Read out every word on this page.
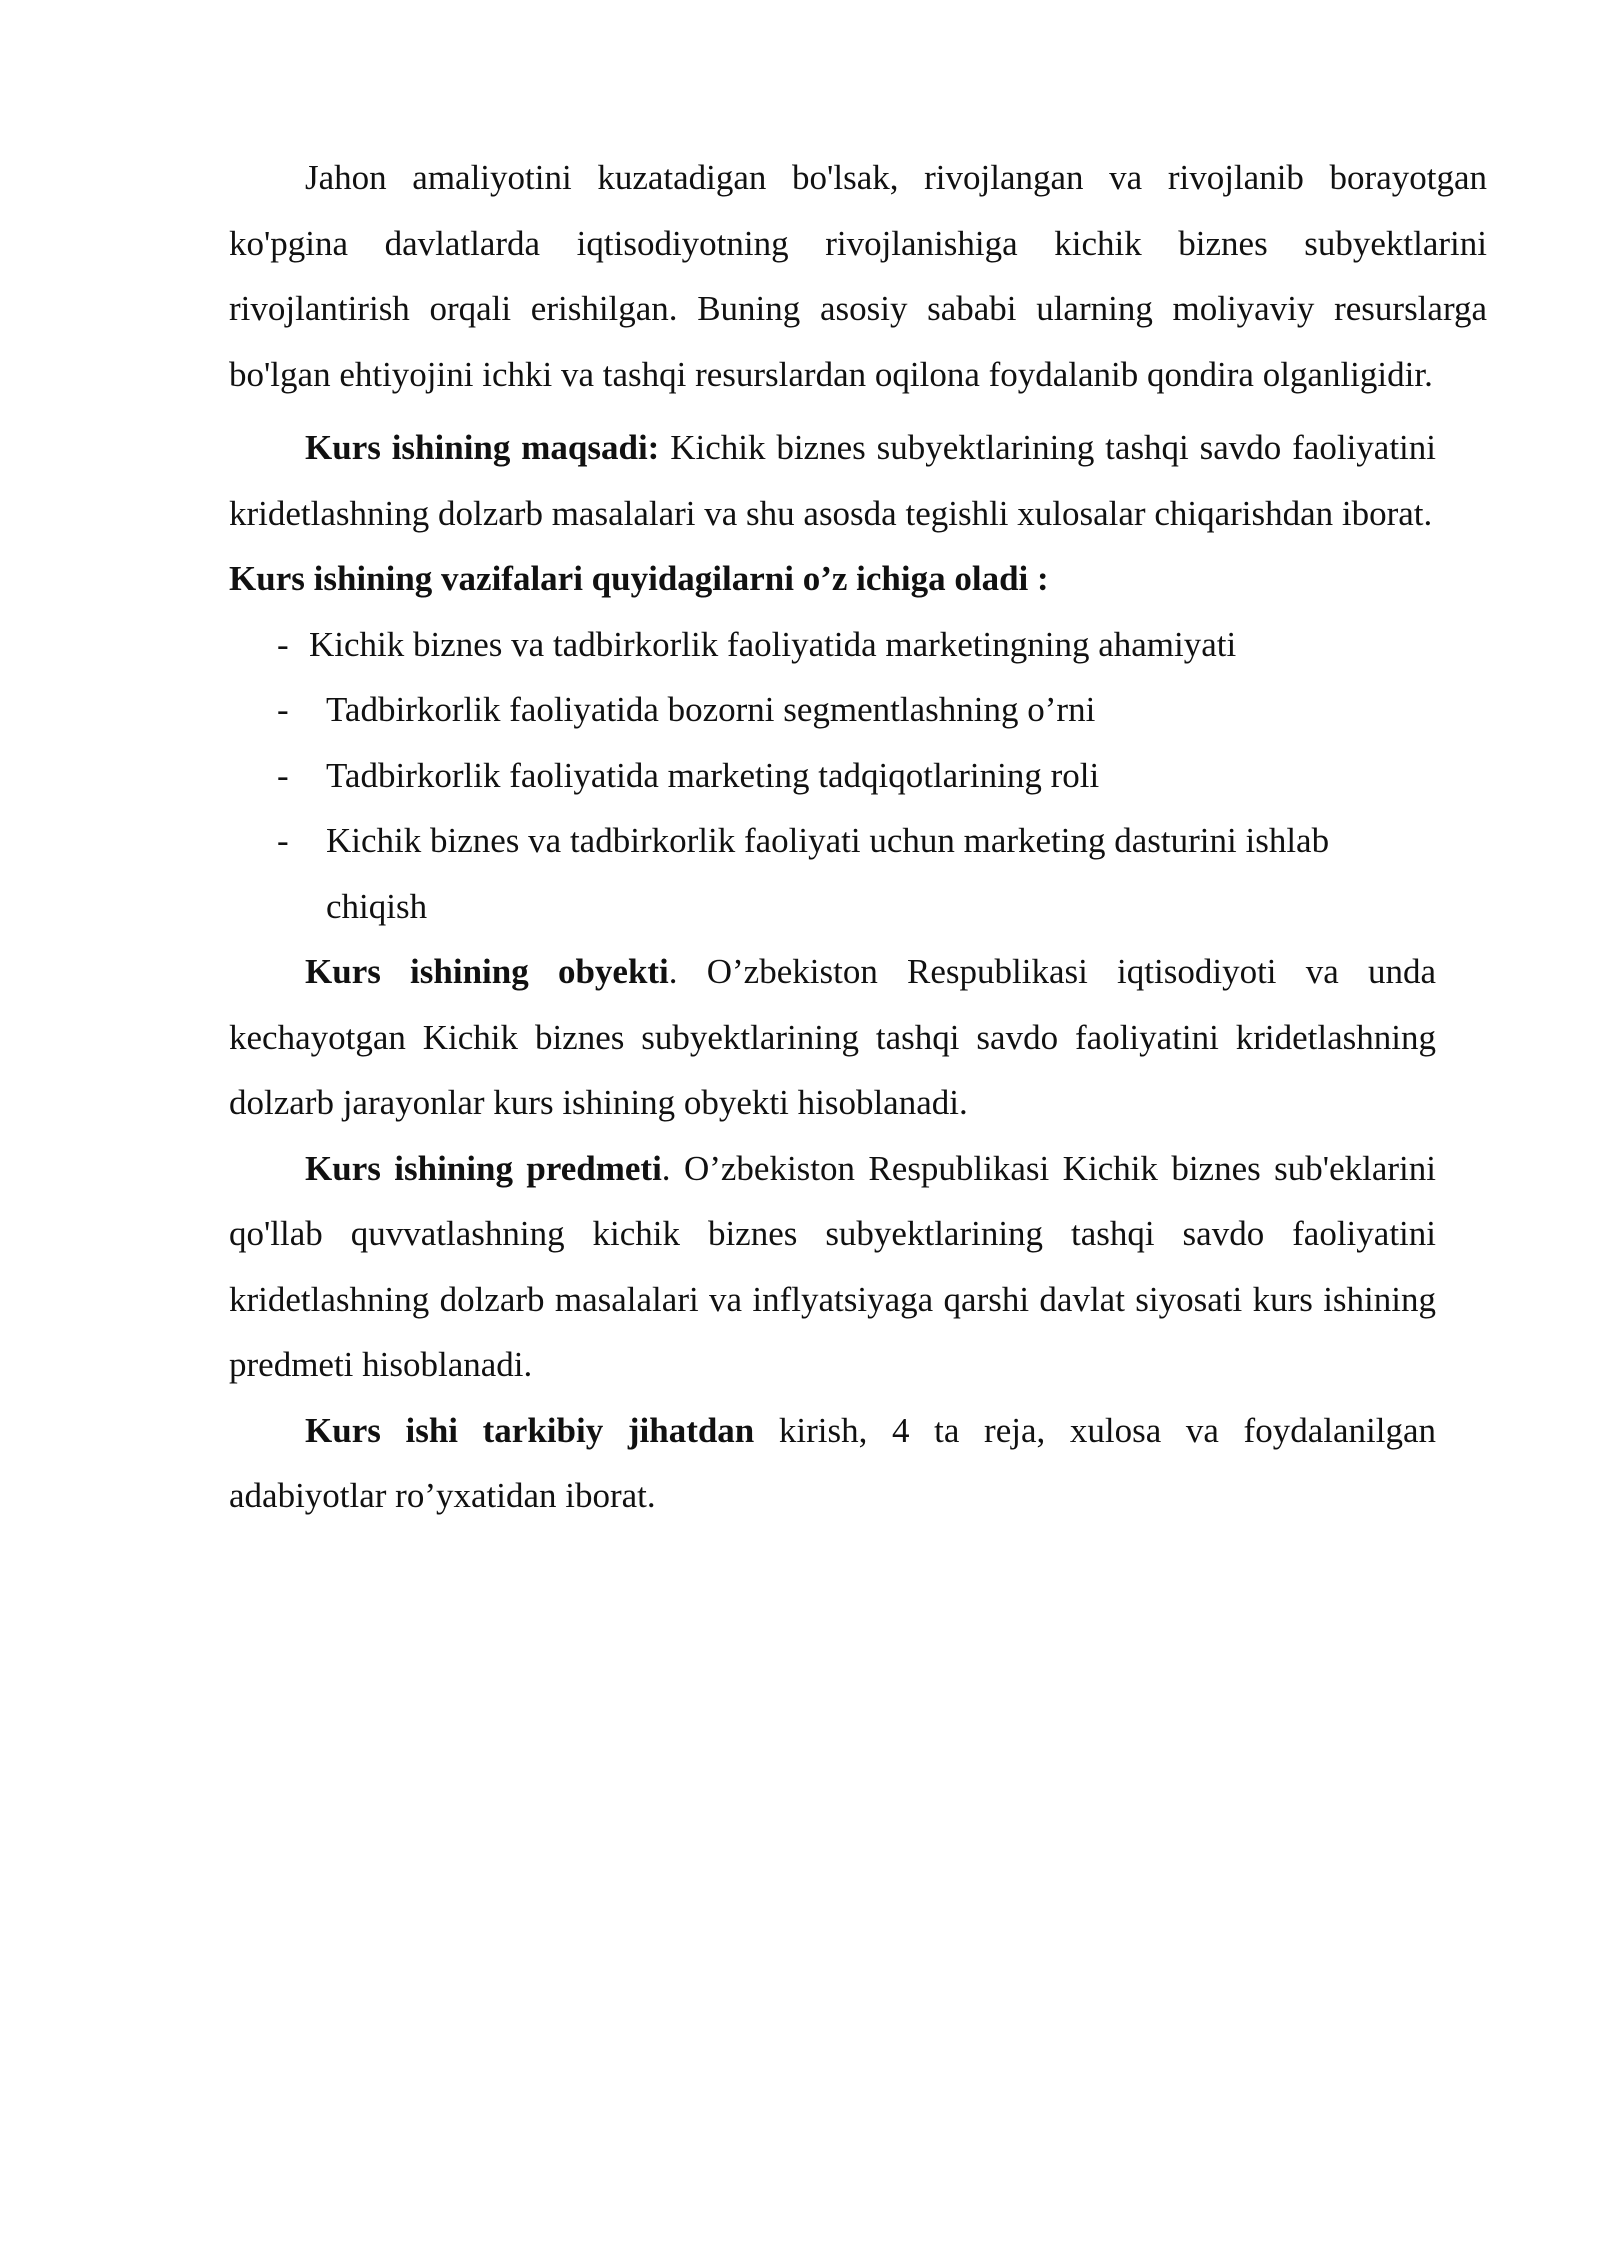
Jahon amaliyotini kuzatadigan bo'lsak, rivojlangan va rivojlanib borayotgan ko'pgina davlatlarda iqtisodiyotning rivojlanishiga kichik biznes subyektlarini rivojlantirish orqali erishilgan. Buning asosiy sababi ularning moliyaviy resurslarga bo'lgan ehtiyojini ichki va tashqi resurslardan oqilona foydalanib qondira olganligidir.

Kurs ishining maqsadi: Kichik biznes subyektlarining tashqi savdo faoliyatini kridetlashning dolzarb masalalari va shu asosda tegishli xulosalar chiqarishdan iborat.

Kurs ishining vazifalari quyidagilarni o’z ichiga oladi :

- Kichik biznes va tadbirkorlik faoliyatida marketingning ahamiyati
- Tadbirkorlik faoliyatida bozorni segmentlashning o’rni
- Tadbirkorlik faoliyatida marketing tadqiqotlarining roli
- Kichik biznes va tadbirkorlik faoliyati uchun marketing dasturini ishlab chiqish

Kurs ishining obyekti. O’zbekiston Respublikasi iqtisodiyoti va unda kechayotgan Kichik biznes subyektlarining tashqi savdo faoliyatini kridetlashning dolzarb jarayonlar kurs ishining obyekti hisoblanadi.

Kurs ishining predmeti. O’zbekiston Respublikasi Kichik biznes sub'eklarini qo'llab quvvatlashning kichik biznes subyektlarining tashqi savdo faoliyatini kridetlashning dolzarb masalalari va inflyatsiyaga qarshi davlat siyosati kurs ishining predmeti hisoblanadi.

Kurs ishi tarkibiy jihatdan kirish, 4 ta reja, xulosa va foydalanilgan adabiyotlar ro’yxatidan iborat.
